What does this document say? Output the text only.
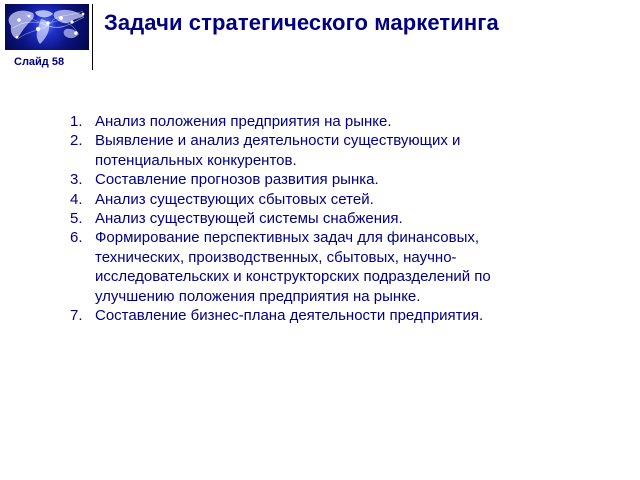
Слайд 58
Задачи стратегического маркетинга
1. Анализ положения предприятия на рынке.
2. Выявление и анализ деятельности существующих и
потенциальных конкурентов.
3. Составление прогнозов развития рынка.
4. Анализ существующих сбытовых сетей.
5. Анализ существующей системы снабжения.
6. Формирование перспективных задач для финансовых,
технических, производственных, сбытовых, научно-
исследовательских и конструкторских подразделений по
улучшению положения предприятия на рынке.
7. Составление бизнес-плана деятельности предприятия.
